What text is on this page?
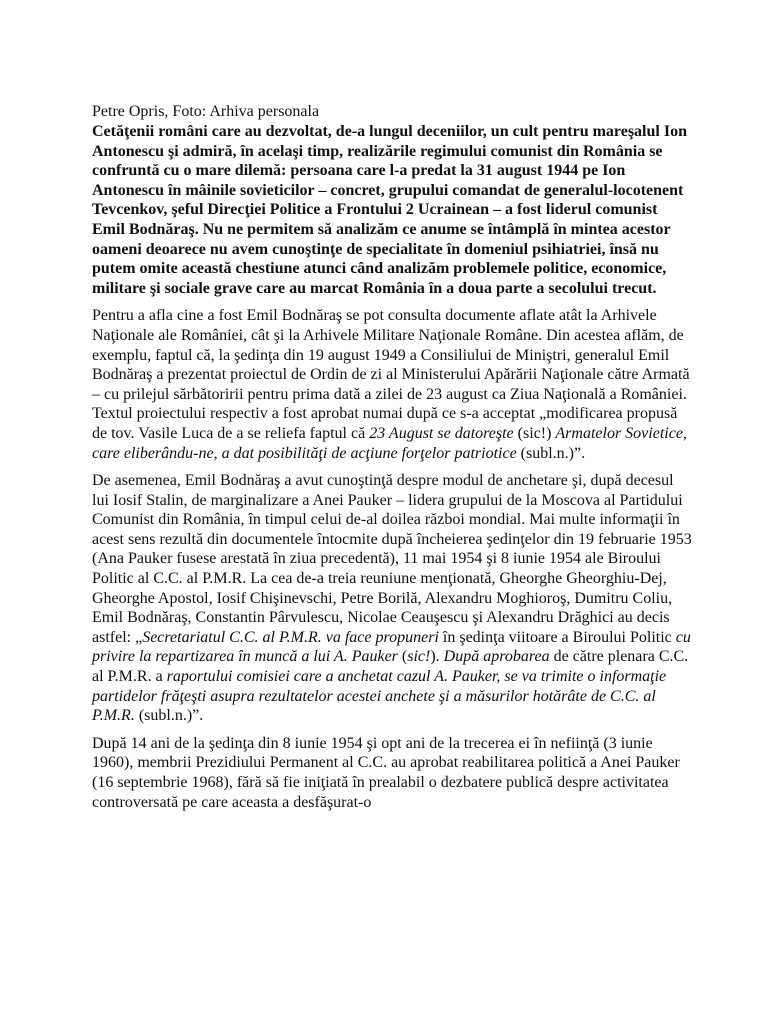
Petre Opris, Foto: Arhiva personala

Cetăţenii români care au dezvoltat, de-a lungul deceniilor, un cult pentru mareşalul Ion Antonescu şi admiră, în acelaşi timp, realizările regimului comunist din România se confruntă cu o mare dilemă: persoana care l-a predat la 31 august 1944 pe Ion Antonescu în mâinile sovieticilor – concret, grupului comandat de generalul-locotenent Tevcenkov, şeful Direcţiei Politice a Frontului 2 Ucrainean – a fost liderul comunist Emil Bodnăraş. Nu ne permitem să analizăm ce anume se întâmplă în mintea acestor oameni deoarece nu avem cunoştinţe de specialitate în domeniul psihiatriei, însă nu putem omite această chestiune atunci când analizăm problemele politice, economice, militare şi sociale grave care au marcat România în a doua parte a secolului trecut.

Pentru a afla cine a fost Emil Bodnăraş se pot consulta documente aflate atât la Arhivele Naţionale ale României, cât şi la Arhivele Militare Naţionale Române. Din acestea aflăm, de exemplu, faptul că, la şedinţa din 19 august 1949 a Consiliului de Miniştri, generalul Emil Bodnăraş a prezentat proiectul de Ordin de zi al Ministerului Apărării Naţionale către Armată – cu prilejul sărbătoririi pentru prima dată a zilei de 23 august ca Ziua Naţională a României. Textul proiectului respectiv a fost aprobat numai după ce s-a acceptat „modificarea propusă de tov. Vasile Luca de a se reliefa faptul că 23 August se datoreşte (sic!) Armatelor Sovietice, care eliberându-ne, a dat posibilităţi de acţiune forţelor patriotice (subl.n.)”.

De asemenea, Emil Bodnăraş a avut cunoştinţă despre modul de anchetare şi, după decesul lui Iosif Stalin, de marginalizare a Anei Pauker – lidera grupului de la Moscova al Partidului Comunist din România, în timpul celui de-al doilea război mondial. Mai multe informaţii în acest sens rezultă din documentele întocmite după încheierea şedinţelor din 19 februarie 1953 (Ana Pauker fusese arestată în ziua precedentă), 11 mai 1954 şi 8 iunie 1954 ale Biroului Politic al C.C. al P.M.R. La cea de-a treia reuniune menţionată, Gheorghe Gheorghiu-Dej, Gheorghe Apostol, Iosif Chişinevschi, Petre Borilă, Alexandru Moghioroş, Dumitru Coliu, Emil Bodnăraş, Constantin Pârvulescu, Nicolae Ceauşescu şi Alexandru Drăghici au decis astfel: „Secretariatul C.C. al P.M.R. va face propuneri în şedinţa viitoare a Biroului Politic cu privire la repartizarea în muncă a lui A. Pauker (sic!). După aprobarea de către plenara C.C. al P.M.R. a raportului comisiei care a anchetat cazul A. Pauker, se va trimite o informaţie partidelor frăţeşti asupra rezultatelor acestei anchete şi a măsurilor hotărâte de C.C. al P.M.R. (subl.n.)”.

După 14 ani de la şedinţa din 8 iunie 1954 şi opt ani de la trecerea ei în nefiinţă (3 iunie 1960), membrii Prezidiului Permanent al C.C. au aprobat reabilitarea politică a Anei Pauker (16 septembrie 1968), fără să fie iniţiată în prealabil o dezbatere publică despre activitatea controversată pe care aceasta a desfăşurat-o
